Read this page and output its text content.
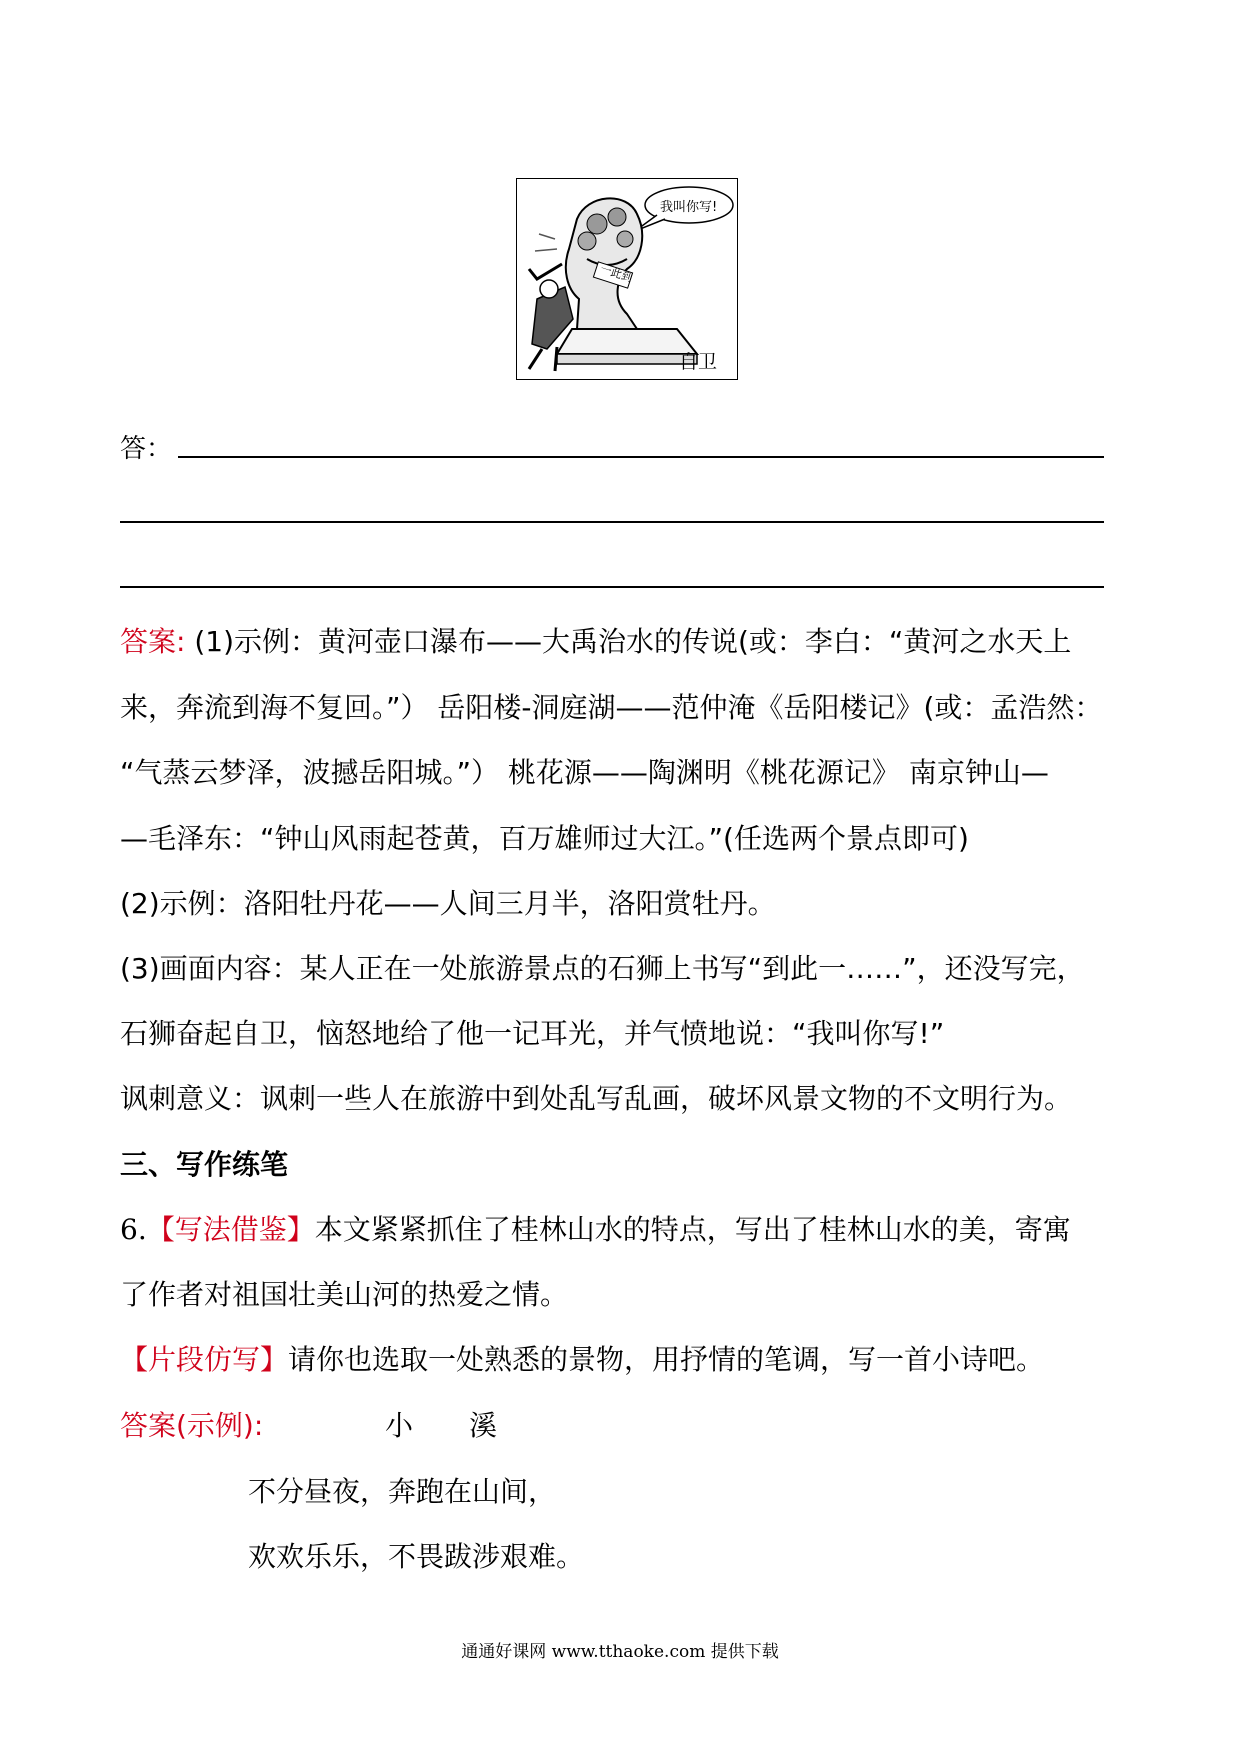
我叫你写!
一此到
自卫
答：
答案: (1)示例：黄河壶口瀑布——大禹治水的传说(或：李白：“黄河之水天上
来，奔流到海不复回。”） 岳阳楼-洞庭湖——范仲淹《岳阳楼记》(或：孟浩然：
“气蒸云梦泽，波撼岳阳城。”） 桃花源——陶渊明《桃花源记》 南京钟山—
—毛泽东：“钟山风雨起苍黄，百万雄师过大江。”(任选两个景点即可)
(2)示例：洛阳牡丹花——人间三月半，洛阳赏牡丹。
(3)画面内容：某人正在一处旅游景点的石狮上书写“到此一……”，还没写完，
石狮奋起自卫，恼怒地给了他一记耳光，并气愤地说：“我叫你写!”
讽刺意义：讽刺一些人在旅游中到处乱写乱画，破坏风景文物的不文明行为。
三、写作练笔
6.【写法借鉴】本文紧紧抓住了桂林山水的特点，写出了桂林山水的美，寄寓
了作者对祖国壮美山河的热爱之情。
【片段仿写】请你也选取一处熟悉的景物，用抒情的笔调，写一首小诗吧。
答案(示例):	小　　溪
不分昼夜，奔跑在山间，
欢欢乐乐，不畏跋涉艰难。
通通好课网 www.tthaoke.com 提供下载
